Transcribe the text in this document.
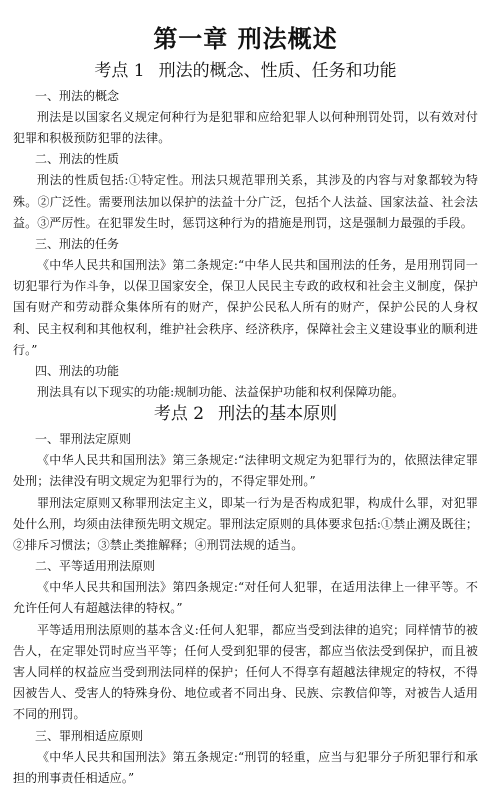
第一章 刑法概述
考点 1 刑法的概念、性质、任务和功能
一、刑法的概念

刑法是以国家名义规定何种行为是犯罪和应给犯罪人以何种刑罚处罚，以有效对付犯罪和积极预防犯罪的法律。

二、刑法的性质

刑法的性质包括:①特定性。刑法只规范罪刑关系，其涉及的内容与对象都较为特殊。②广泛性。需要刑法加以保护的法益十分广泛，包括个人法益、国家法益、社会法益。③严厉性。在犯罪发生时，惩罚这种行为的措施是刑罚，这是强制力最强的手段。

三、刑法的任务

《中华人民共和国刑法》第二条规定:“中华人民共和国刑法的任务，是用刑罚同一切犯罪行为作斗争，以保卫国家安全，保卫人民民主专政的政权和社会主义制度，保护国有财产和劳动群众集体所有的财产，保护公民私人所有的财产，保护公民的人身权利、民主权利和其他权利，维护社会秩序、经济秩序，保障社会主义建设事业的顺利进行。”

四、刑法的功能

刑法具有以下现实的功能:规制功能、法益保护功能和权利保障功能。

考点 2 刑法的基本原则
一、罪刑法定原则

《中华人民共和国刑法》第三条规定:“法律明文规定为犯罪行为的，依照法律定罪处刑；法律没有明文规定为犯罪行为的，不得定罪处刑。”

罪刑法定原则又称罪刑法定主义，即某一行为是否构成犯罪，构成什么罪，对犯罪处什么刑，均须由法律预先明文规定。罪刑法定原则的具体要求包括:①禁止溯及既往；②排斥习惯法；③禁止类推解释；④刑罚法规的适当。

二、平等适用刑法原则

《中华人民共和国刑法》第四条规定:“对任何人犯罪，在适用法律上一律平等。不允许任何人有超越法律的特权。”

平等适用刑法原则的基本含义:任何人犯罪，都应当受到法律的追究；同样情节的被告人，在定罪处罚时应当平等；任何人受到犯罪的侵害，都应当依法受到保护，而且被害人同样的权益应当受到刑法同样的保护；任何人不得享有超越法律规定的特权，不得因被告人、受害人的特殊身份、地位或者不同出身、民族、宗教信仰等，对被告人适用不同的刑罚。

三、罪刑相适应原则

《中华人民共和国刑法》第五条规定:“刑罚的轻重，应当与犯罪分子所犯罪行和承担的刑事责任相适应。”
